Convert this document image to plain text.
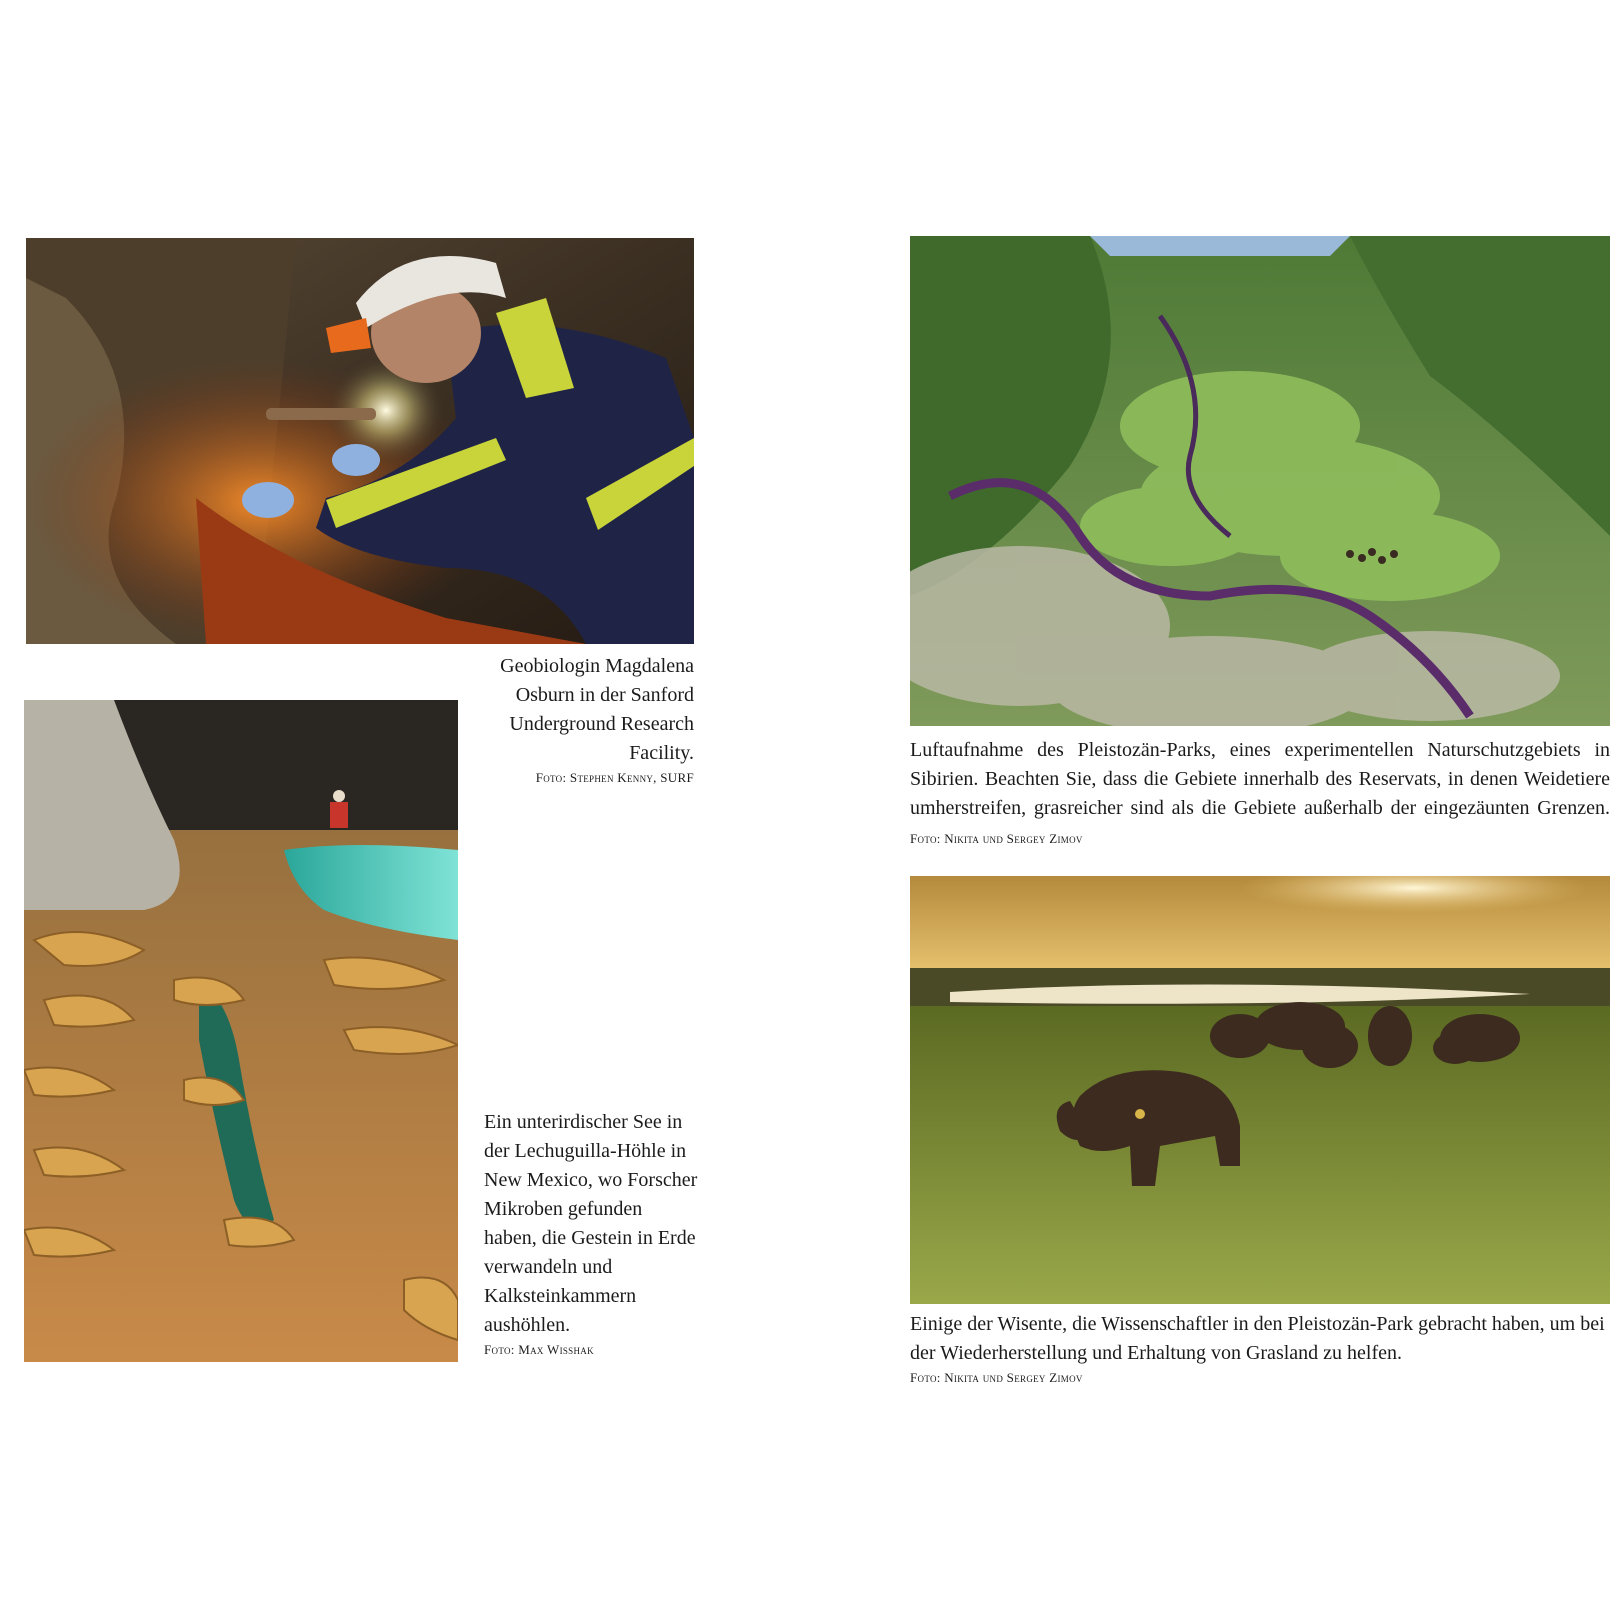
Geobiologin Magdalena Osburn in der Sanford Underground Research Facility.
Foto: Stephen Kenny, SURF
Ein unterirdischer See in der Lechuguilla-Höhle in New Mexico, wo Forscher Mikroben gefunden haben, die Gestein in Erde verwandeln und Kalksteinkammern aushöhlen.
Foto: Max Wisshak
Luftaufnahme des Pleistozän-Parks, eines experimentellen Naturschutzgebiets in Sibirien. Beachten Sie, dass die Gebiete innerhalb des Reservats, in denen Weidetiere umherstreifen, grasreicher sind als die Gebiete außerhalb der eingezäunten Grenzen. Foto: Nikita und Sergey Zimov
Einige der Wisente, die Wissenschaftler in den Pleistozän-Park gebracht haben, um bei der Wiederherstellung und Erhaltung von Grasland zu helfen.
Foto: Nikita und Sergey Zimov
